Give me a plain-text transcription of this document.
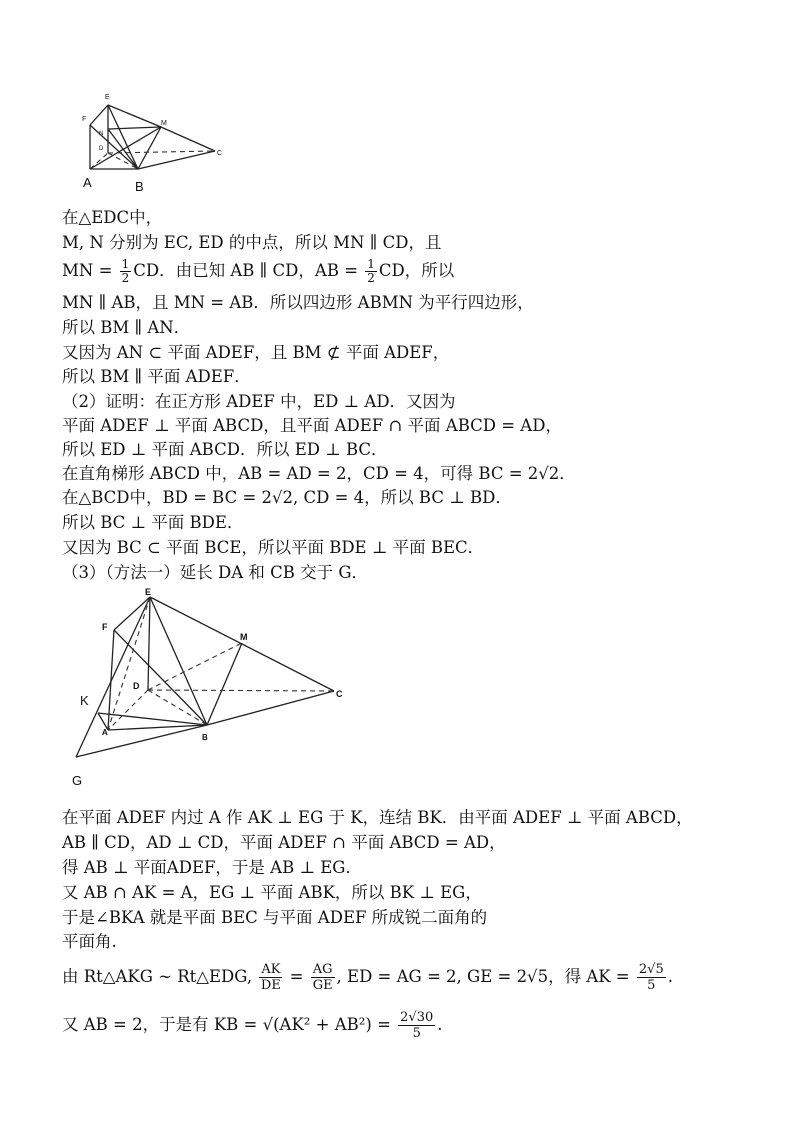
E
F
M
N
D
C
A	B
在△EDC中，
M, N 分别为 EC, ED 的中点，所以 MN ∥ CD，且
MN = $\frac{1}{2}$ CD．由已知 AB ∥ CD，AB = $\frac{1}{2}$ CD，所以
MN ∥ AB，且 MN = AB．所以四边形 ABMN 为平行四边形，
所以 BM ∥ AN．
又因为 AN ⊂ 平面 ADEF，且 BM ⊄ 平面 ADEF，
所以 BM ∥ 平面 ADEF．
（2）证明：在正方形 ADEF 中，ED ⊥ AD．又因为
平面 ADEF ⊥ 平面 ABCD，且平面 ADEF ∩ 平面 ABCD = AD，
所以 ED ⊥ 平面 ABCD．所以 ED ⊥ BC．
在直角梯形 ABCD 中，AB = AD = 2，CD = 4，可得 BC = 2√2．
在△BCD中，BD = BC = 2√2, CD = 4，所以 BC ⊥ BD．
所以 BC ⊥ 平面 BDE．
又因为 BC ⊂ 平面 BCE，所以平面 BDE ⊥ 平面 BEC．
（3）（方法一）延长 DA 和 CB 交于 G．
E
F
M
D
C
K
A
B
G
在平面 ADEF 内过 A 作 AK ⊥ EG 于 K，连结 BK．由平面 ADEF ⊥ 平面 ABCD，
AB ∥ CD，AD ⊥ CD，平面 ADEF ∩ 平面 ABCD = AD，
得 AB ⊥ 平面ADEF，于是 AB ⊥ EG．
又 AB ∩ AK = A，EG ⊥ 平面 ABK，所以 BK ⊥ EG，
于是∠BKA 就是平面 BEC 与平面 ADEF 所成锐二面角的
平面角.
由 Rt△AKG ∼ Rt△EDG, $\frac{AK}{DE} = \frac{AG}{GE}$ , ED = AG = 2, GE = 2√5，得 AK = $\frac{2√5}{5}$ .
又 AB = 2，于是有 KB = $√(AK^2 + AB^2) = \frac{2√30}{5}$ .
